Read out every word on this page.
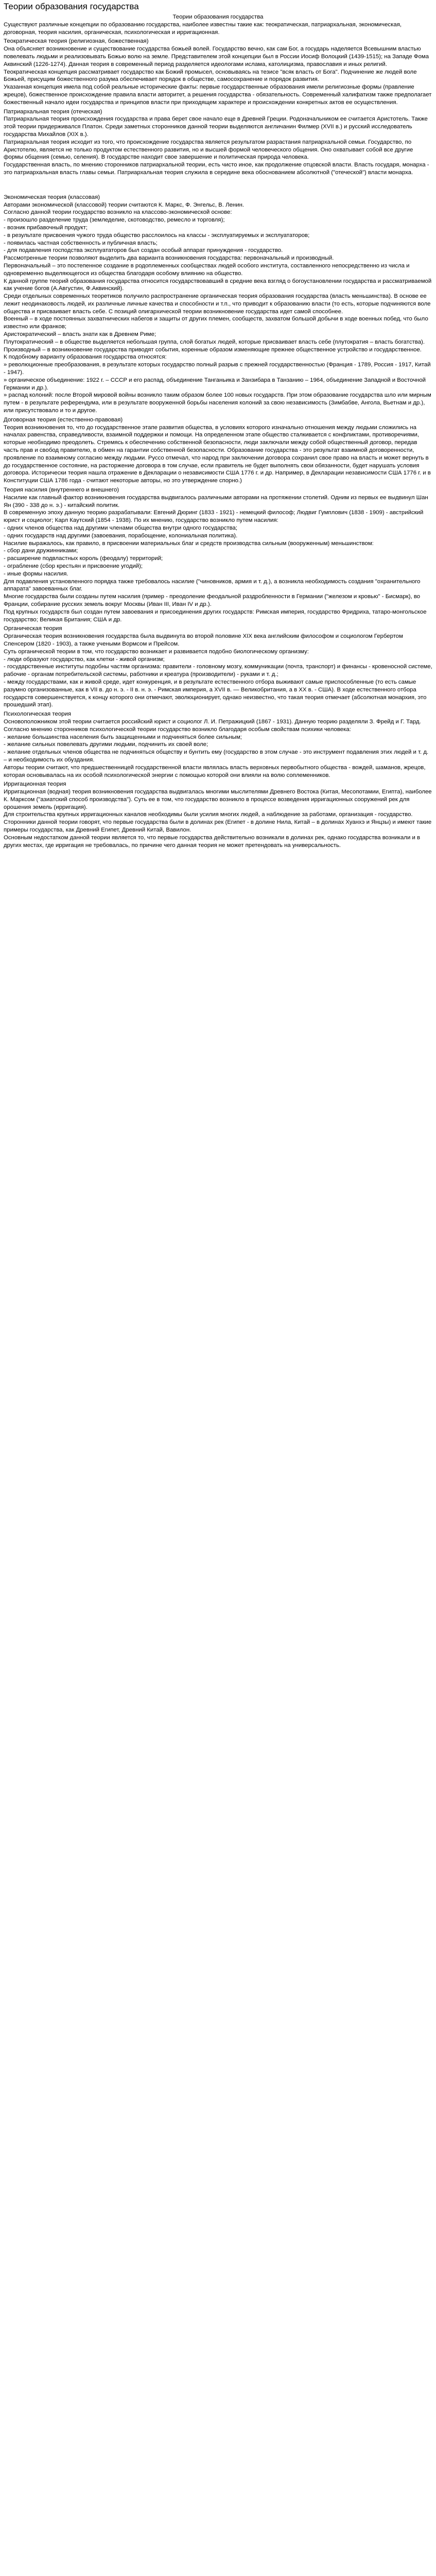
Теории образования государства

Теории образования государства

Существуют различные концепции по образованию государства, наиболее известны такие как: теократическая, патриархальная, экономическая, договорная, теория насилия, органическая, психологическая и ирригационная.

Теократическая теория (религиозная, божественная)

Она объясняет возникновение и существование государства божьей волей. Государство вечно, как сам Бог, а государь наделяется Всевышним властью повелевать людьми и реализовывать Божью волю на земле. Представителем этой концепции был в России Иосиф Волоцкий (1439-1515); на Западе Фома Аквинский (1226-1274). Данная теория в современный период разделяется идеологами ислама, католицизма, православия и иных религий.

Теократическая концепция рассматривает государство как Божий промысел, основываясь на тезисе "всяк власть от Бога". Подчинение же людей воле Божьей, присущим божественного разума обеспечивает порядок в обществе, самосохранение и порядок развития.

Указанная концепция имела под собой реальные исторические факты: первые государственные образования имели религиозные формы (правление жрецов), божественное происхождение правила власти авторитет, а решения государства - обязательность. Современный халифатизм также предполагает божественный начало идеи государства и принципов власти при приходящем характере и происхождении конкретных актов ее осуществления.

Патриархальная теория (отеческая)

Патриархальная теория происхождения государства и права берет свое начало еще в Древней Греции. Родоначальником ее считается Аристотель. Также этой теории придерживался Платон. Среди заметных сторонников данной теории выделяются англичанин Филмер (XVII в.) и русский исследователь государства Михайлов (XIX в.).

Патриархальная теория исходит из того, что происхождение государства является результатом разрастания патриархальной семьи. Государство, по Аристотелю, является не только продуктом естественного развития, но и высшей формой человеческого общения. Оно охватывает собой все другие формы общения (семью, селения). В государстве находит свое завершение и политическая природа человека.

Государственная власть, по мнению сторонников патриархальной теории, есть чисто иное, как продолжение отцовской власти. Власть государя, монарха - это патриархальная власть главы семьи. Патриархальная теория служила в середине века обоснованием абсолютной ("отеческой") власти монарха.

Экономическая теория (классовая)

Авторами экономической (классовой) теории считаются К. Маркс, Ф. Энгельс, В. Ленин.

Согласно данной теории государство возникло на классово-экономической основе:

- произошло разделение труда (земледелие, скотоводство, ремесло и торговля);

- возник прибавочный продукт;

- в результате присвоения чужого труда общество расслоилось на классы - эксплуатируемых и эксплуататоров;

- появилась частная собственность и публичная власть;

- для подавления господства эксплуататоров был создан особый аппарат принуждения - государство.

Рассмотренные теории позволяют выделить два варианта возникновения государства: первоначальный и производный.

Первоначальный – это постепенное создание в родоплеменных сообществах людей особого института, составленного непосредственно из числа и одновременно выделяющегося из общества благодаря особому влиянию на общество.

К данной группе теорий образования государства относится государствовавший в средние века взгляд о богоустановлении государства и рассматриваемой как учение богов (А.Августин, Ф.Аквинский).

Среди отдельных современных теоретиков получило распространение органическая теория образования государства (власть меньшинства). В основе ее лежит неодинаковость людей, их различные личные качества и способности и т.п., что приводит к образованию власти (то есть, которые подчиняются воле общества и присваивает власть себе. С позиций олигархической теории возникновение государства идет самой способнее.

Военный – в ходе постоянных захватнических набегов и защиты от других племен, сообществ, захватом большой добычи в ходе военных побед, что было известно или франков;

Аристократический – власть знати как в Древнем Риме;

Плутократический – в обществе выделяется небольшая группа, слой богатых людей, которые присваивает власть себе (плутократия – власть богатства).

Производный – в возникновение государства приводят события, коренные образом изменяющие прежнее общественное устройство и государственное.

К подобному варианту образования государства относятся:

» революционные преобразования, в результате которых государство полный разрыв с прежней государственностью (Франция - 1789, Россия - 1917, Китай - 1947).

» органическое объединение: 1922 г. – СССР и его распад, объединение Танганьика и Занзибара в Танзанию – 1964, объединение Западной и Восточной Германии и др.).

» распад колоний: после Второй мировой войны возникло таким образом более 100 новых государств. При этом образование государства шло или мирным путем - в результате референдума, или в результате вооруженной борьбы населения колоний за свою независимость (Зимбабве, Ангола, Вьетнам и др.), или присутствовало и то и другое.

Договорная теория (естественно-правовая)

Теория возникновения то, что до государственное этапе развития общества, в условиях которого изначально отношения между людьми сложились на началах равенства, справедливости, взаимной поддержки и помощи. На определенном этапе общество сталкивается с конфликтами, противоречиями, которые необходимо преодолеть. Стремясь к обеспечению собственной безопасности, люди заключали между собой общественный договор, передав часть прав и свобод правителю, в обмен на гарантии собственной безопасности. Образование государства - это результат взаимной договоренности, проявление по взаимному согласию между людьми. Руссо отмечал, что народ при заключении договора сохранил свое право на власть и может вернуть в до государственное состояние, на расторжение договора в том случае, если правитель не будет выполнять свои обязанности, будет нарушать условия договора. Исторически теория нашла отражение в Декларации о независимости США 1776 г. и др. Например, в Декларации независимости США 1776 г. и в Конституции США 1786 года - считают некоторые авторы, но это утверждение спорно.)

Теория насилия (внутреннего и внешнего)

Насилие как главный фактор возникновения государства выдвигалось различными авторами на протяжении столетий. Одним из первых ее выдвинул Шан Ян (390 - 338 до н. э.) - китайский политик.

В современную эпоху данную теорию разрабатывали: Евгений Дюринг (1833 - 1921) - немецкий философ; Людвиг Гумплович (1838 - 1909) - австрийский юрист и социолог; Карл Каутский (1854 - 1938). По их мнению, государство возникло путем насилия:

- одних членов общества над другими членами общества внутри одного государства;

- одних государств над другими (завоевания, порабощение, колониальная политика).

Насилие выражалось, как правило, в присвоении материальных благ и средств производства сильным (вооруженным) меньшинством:

- сбор дани дружинниками;

- расширение подвластных король (феодалу) территорий;

- ограбление (сбор крестьян и присвоение угодий);

- иные формы насилия.

Для подавления установленного порядка также требовалось насилие ("чиновников, армия и т. д.), а возникла необходимость создания "охранительного аппарата" завоеванных благ.

Многие государства были созданы путем насилия (пример - преодоление феодальной раздробленности в Германии ("железом и кровью" - Бисмарк), во Франции, собирание русских земель вокруг Москвы (Иван III, Иван IV и др.).

Под крупных государств был создан путем завоевания и присоединения других государств: Римская империя, государство Фридриха, татаро-монгольское государство; Великая Британия; США и др.

Органическая теория

Органическая теория возникновения государства была выдвинута во второй половине XIX века английским философом и социологом Гербертом Спенсером (1820 - 1903), а также учеными Вормсом и Прейсом.

Суть органической теории в том, что государство возникает и развивается подобно биологическому организму:

- люди образуют государство, как клетки - живой организм;

- государственные институты подобны частям организма: правители - головному мозгу, коммуникации (почта, транспорт) и финансы - кровеносной системе, рабочие - органам потребительской системы, работники и креатура (производители) - руками и т. д.;

- между государствами, как и живой среде, идет конкуренция, и в результате естественного отбора выживают самые приспособленные (то есть самые разумно организованные, как в VII в. до н. э. - II в. н. э. - Римская империя, а XVII в. — Великобритания, а в XX в. - США). В ходе естественного отбора государств совершенствуется, к концу которого они отмечают, эволюционирует, однако неизвестно, что такая теория отмечает (абсолютная монархия, это прошедший этап).

Психологическая теория

Основоположником этой теории считается российский юрист и социолог Л. И. Петражицкий (1867 - 1931). Данную теорию разделяли З. Фрейд и Г. Тард.

Согласно мнению сторонников психологической теории государство возникло благодаря особым свойствам психики человека:

- желание большинства населения быть защищенными и подчиняться более сильным;

- желание сильных повелевать другими людьми, подчинить их своей воле;

- желание отдельных членов общества не подчиняться обществу и бунтить ему (государство в этом случае - это инструмент подавления этих людей и т. д. – и необходимость их обуздания.

Авторы теории считают, что предшественницей государственной власти являлась власть верховных первобытного общества - вождей, шаманов, жрецов, которая основывалась на их особой психологической энергии с помощью которой они влияли на волю соплеменников.

Ирригационная теория

Ирригационная (водная) теория возникновения государства выдвигалась многими мыслителями Древнего Востока (Китая, Месопотамии, Египта), наиболее К. Марксом ("азиатский способ производства"). Суть ее в том, что государство возникло в процессе возведения ирригационных сооружений рек для орошения земель (ирригация).

Для строительства крупных ирригационных каналов необходимы были усилия многих людей, а наблюдение за работами, организация - государство.

Сторонники данной теории говорят, что первые государства были в долинах рек (Египет - в долине Нила, Китай – в долинах Хуанхэ и Янцзы) и имеют такие примеры государства, как Древний Египет, Древний Китай, Вавилон.

Основным недостатком данной теории является то, что первые государства действительно возникали в долинах рек, однако государства возникали и в других местах, где ирригация не требовалась, по причине чего данная теория не может претендовать на универсальность.
